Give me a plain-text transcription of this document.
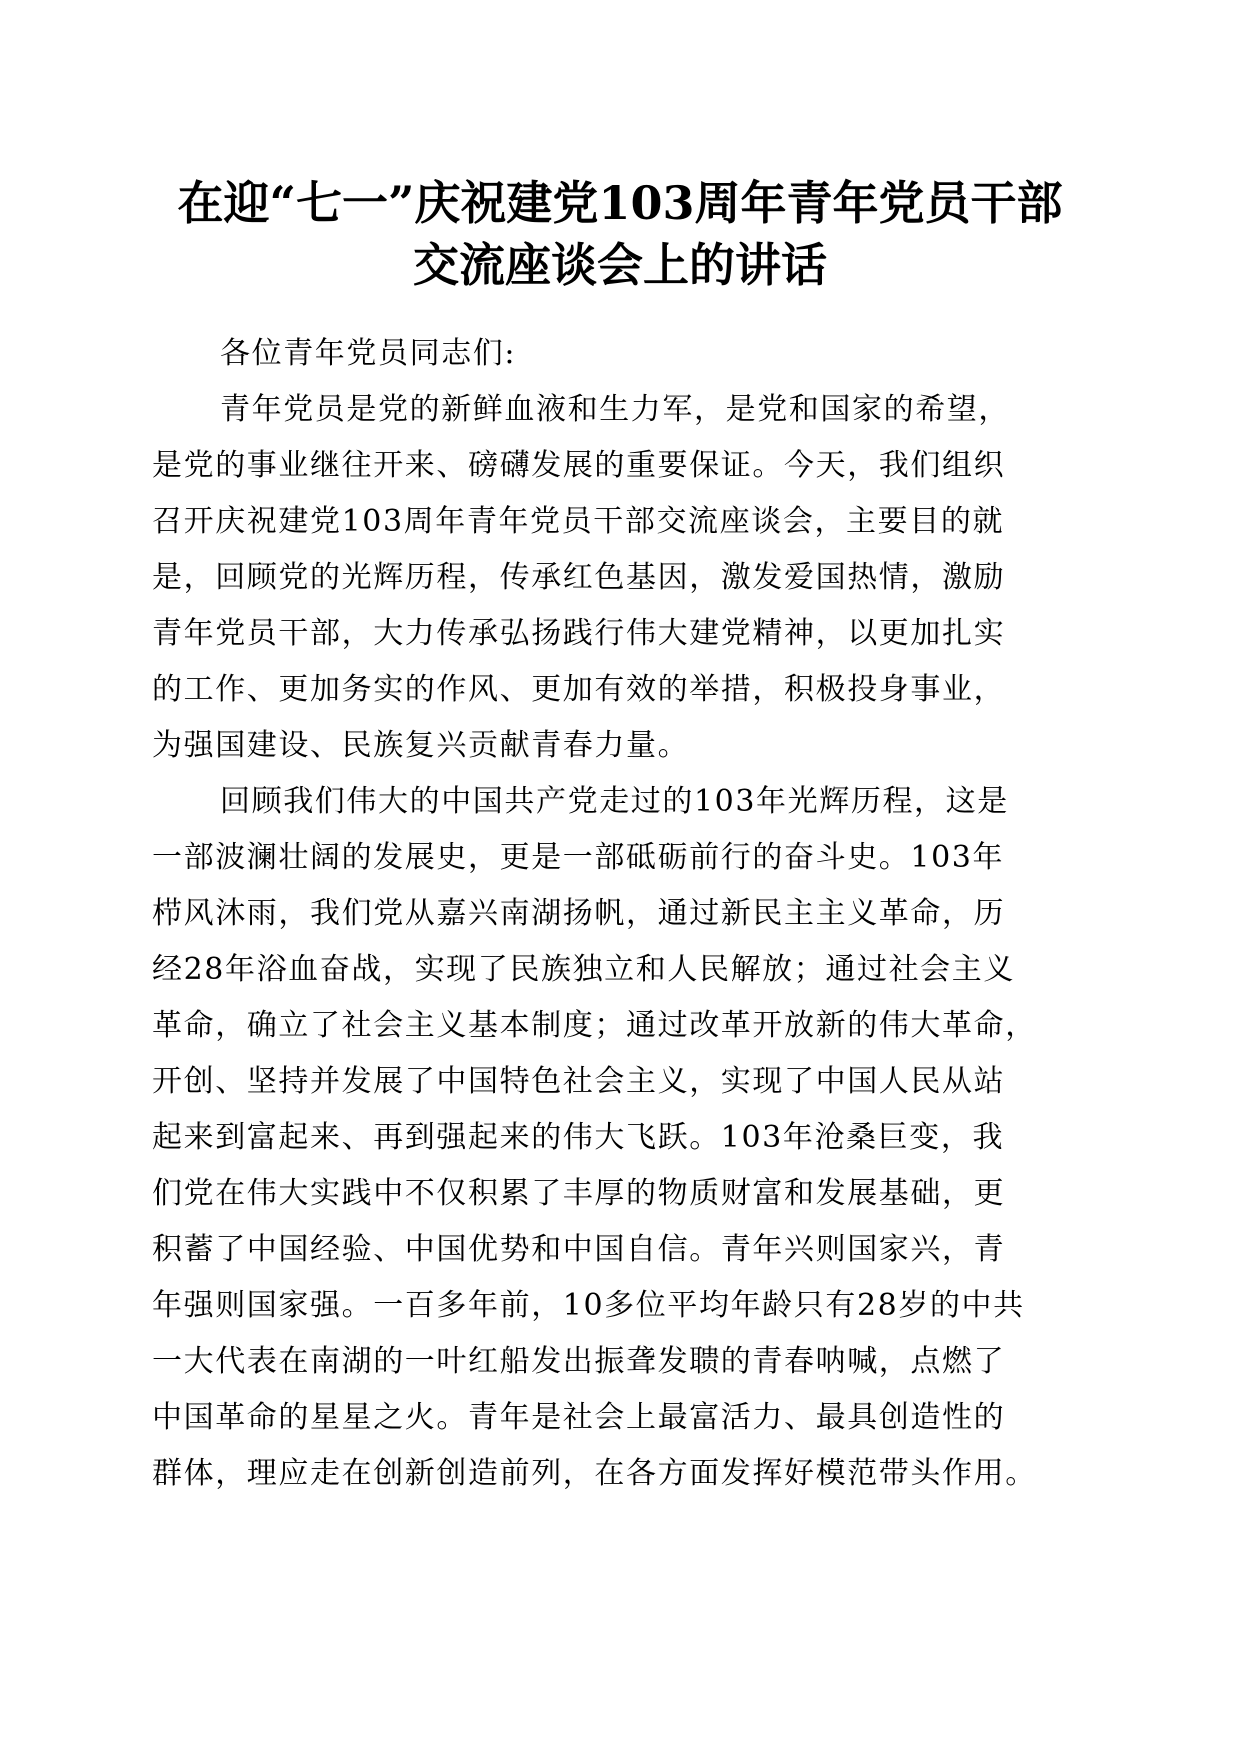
在迎“七一”庆祝建党103周年青年党员干部
交流座谈会上的讲话
各位青年党员同志们:
青年党员是党的新鲜血液和生力军，是党和国家的希望，
是党的事业继往开来、磅礴发展的重要保证。今天，我们组织
召开庆祝建党103周年青年党员干部交流座谈会，主要目的就
是，回顾党的光辉历程，传承红色基因，激发爱国热情，激励
青年党员干部，大力传承弘扬践行伟大建党精神，以更加扎实
的工作、更加务实的作风、更加有效的举措，积极投身事业，
为强国建设、民族复兴贡献青春力量。
回顾我们伟大的中国共产党走过的103年光辉历程，这是
一部波澜壮阔的发展史，更是一部砥砺前行的奋斗史。103年
栉风沐雨，我们党从嘉兴南湖扬帆，通过新民主主义革命，历
经28年浴血奋战，实现了民族独立和人民解放；通过社会主义
革命，确立了社会主义基本制度；通过改革开放新的伟大革命，
开创、坚持并发展了中国特色社会主义，实现了中国人民从站
起来到富起来、再到强起来的伟大飞跃。103年沧桑巨变，我
们党在伟大实践中不仅积累了丰厚的物质财富和发展基础，更
积蓄了中国经验、中国优势和中国自信。青年兴则国家兴，青
年强则国家强。一百多年前，10多位平均年龄只有28岁的中共
一大代表在南湖的一叶红船发出振聋发聩的青春呐喊，点燃了
中国革命的星星之火。青年是社会上最富活力、最具创造性的
群体，理应走在创新创造前列，在各方面发挥好模范带头作用。
